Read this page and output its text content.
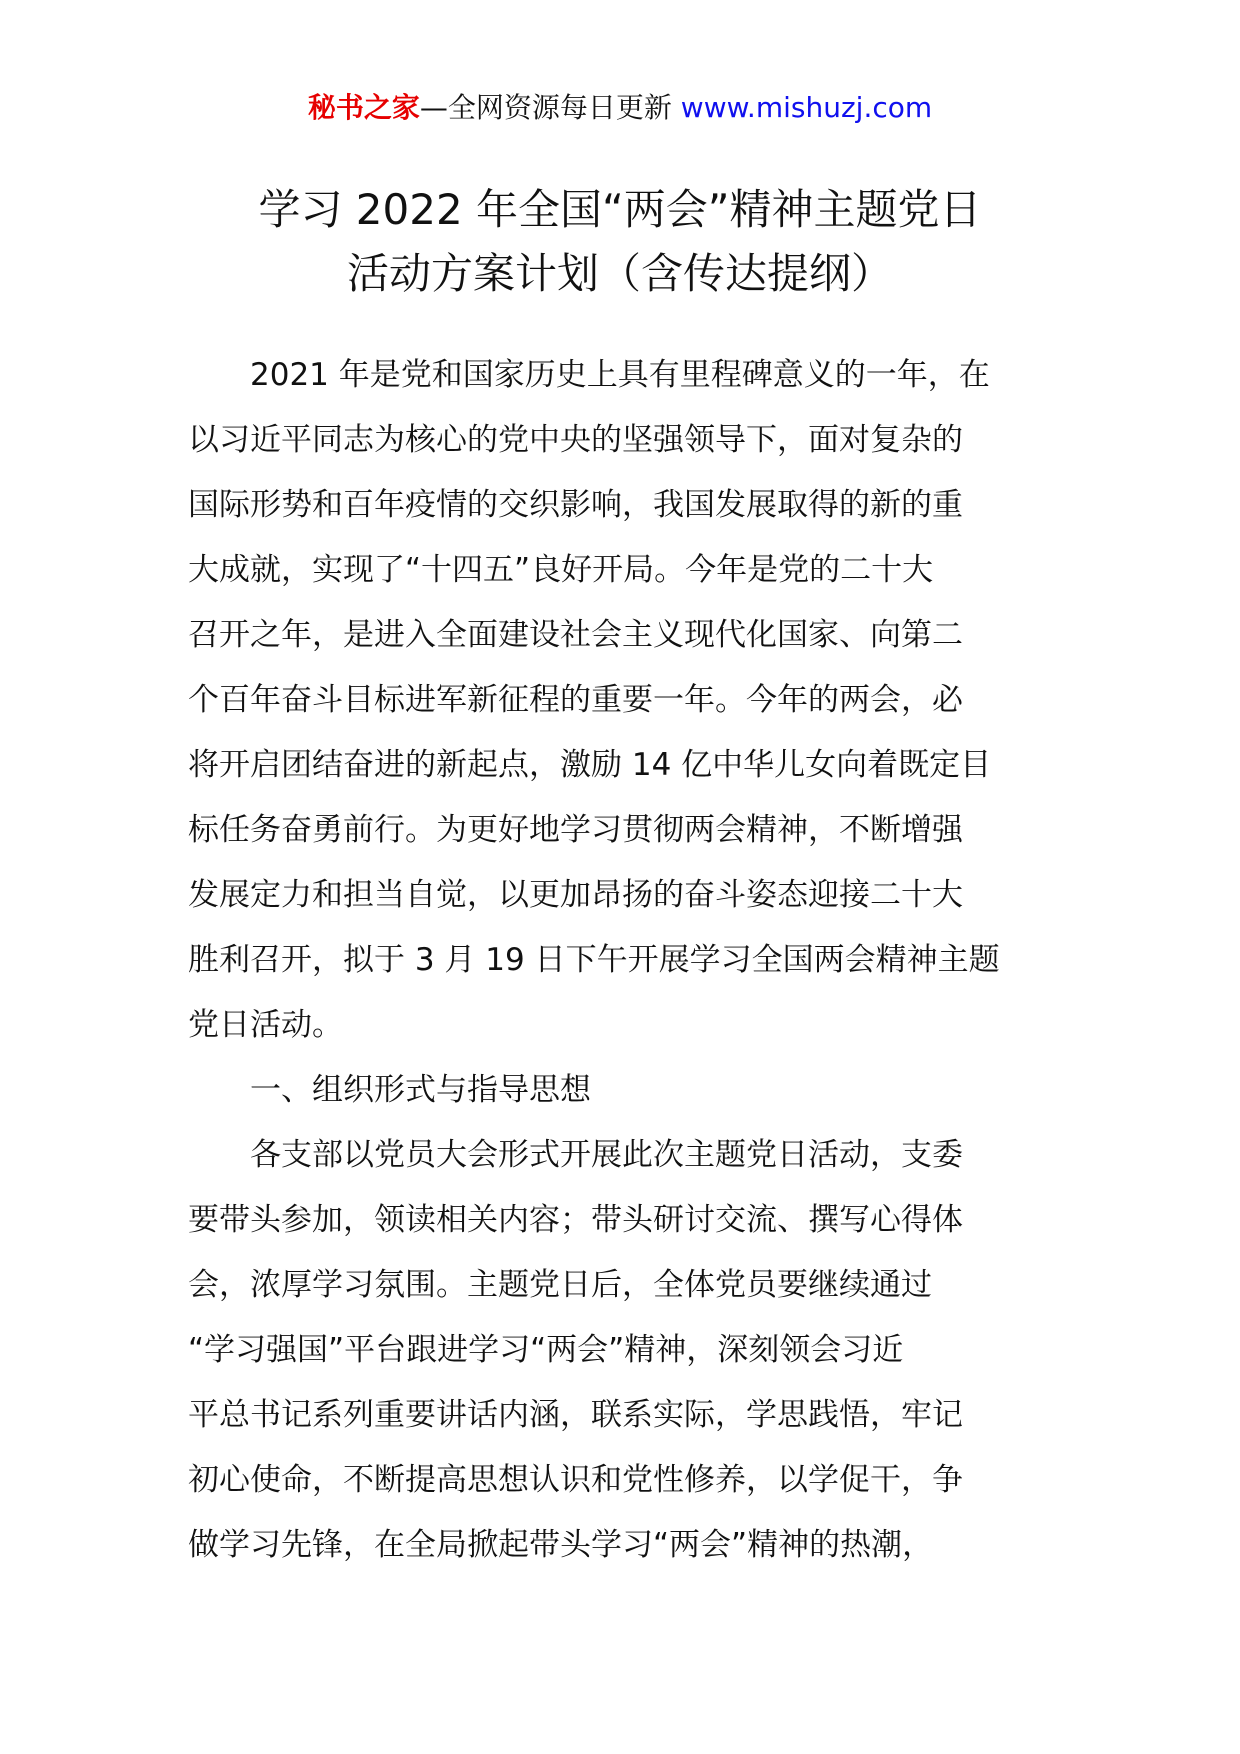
秘书之家—全网资源每日更新 www.mishuzj.com
学习 2022 年全国“两会”精神主题党日
活动方案计划（含传达提纲）

2021 年是党和国家历史上具有里程碑意义的一年，在
以习近平同志为核心的党中央的坚强领导下，面对复杂的
国际形势和百年疫情的交织影响，我国发展取得的新的重
大成就，实现了“十四五”良好开局。今年是党的二十大
召开之年，是进入全面建设社会主义现代化国家、向第二
个百年奋斗目标进军新征程的重要一年。今年的两会，必
将开启团结奋进的新起点，激励 14 亿中华儿女向着既定目
标任务奋勇前行。为更好地学习贯彻两会精神，不断增强
发展定力和担当自觉，以更加昂扬的奋斗姿态迎接二十大
胜利召开，拟于 3 月 19 日下午开展学习全国两会精神主题
党日活动。

一、组织形式与指导思想

各支部以党员大会形式开展此次主题党日活动，支委
要带头参加，领读相关内容；带头研讨交流、撰写心得体
会，浓厚学习氛围。主题党日后，全体党员要继续通过
“学习强国”平台跟进学习“两会”精神，深刻领会习近
平总书记系列重要讲话内涵，联系实际，学思践悟，牢记
初心使命，不断提高思想认识和党性修养，以学促干，争
做学习先锋，在全局掀起带头学习“两会”精神的热潮，
